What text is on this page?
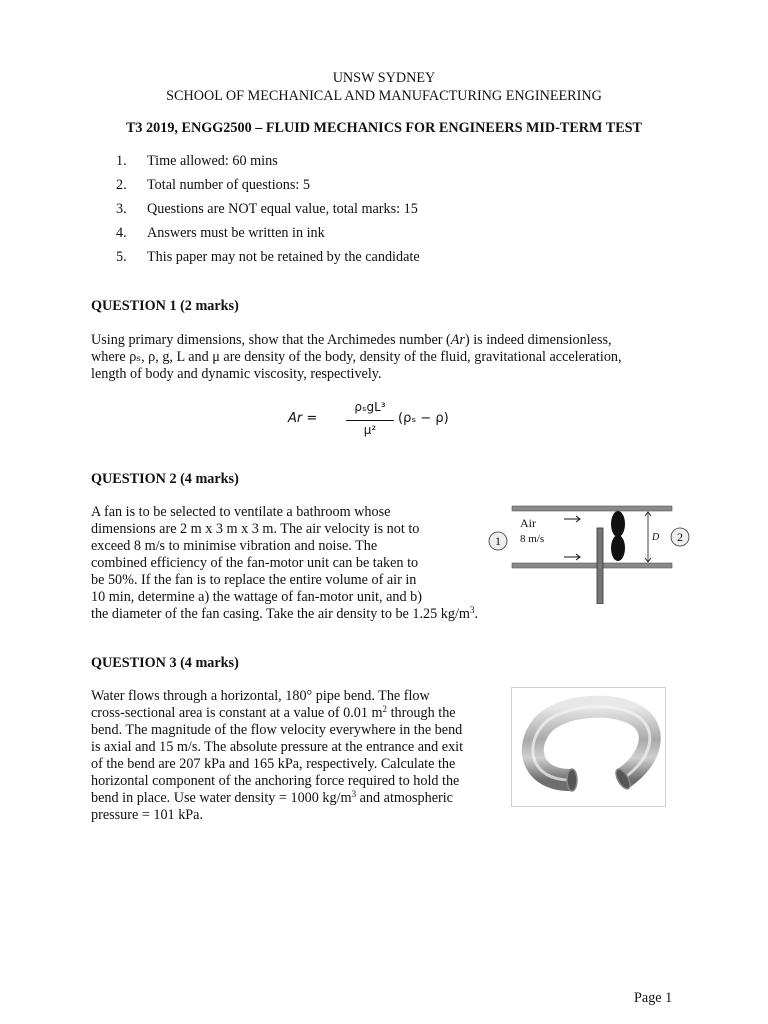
UNSW SYDNEY
SCHOOL OF MECHANICAL AND MANUFACTURING ENGINEERING
T3 2019, ENGG2500 – FLUID MECHANICS FOR ENGINEERS MID-TERM TEST
1. Time allowed: 60 mins
2. Total number of questions: 5
3. Questions are NOT equal value, total marks: 15
4. Answers must be written in ink
5. This paper may not be retained by the candidate
QUESTION 1 (2 marks)
Using primary dimensions, show that the Archimedes number (Ar) is indeed dimensionless,
where ρₛ, ρ, g, L and μ are density of the body, density of the fluid, gravitational acceleration,
length of body and dynamic viscosity, respectively.
Ar =
ρₛgL³
μ²
(ρₛ − ρ)
QUESTION 2 (4 marks)
A fan is to be selected to ventilate a bathroom whose
dimensions are 2 m x 3 m x 3 m. The air velocity is not to
exceed 8 m/s to minimise vibration and noise. The
combined efficiency of the fan-motor unit can be taken to
be 50%. If the fan is to replace the entire volume of air in
10 min, determine a) the wattage of fan-motor unit, and b)
the diameter of the fan casing. Take the air density to be 1.25 $kg/m^3$.
D
Air
8 m/s
1	2
QUESTION 3 (4 marks)
Water flows through a horizontal, 180° pipe bend. The flow
cross-sectional area is constant at a value of 0.01 $m^2$ through the
bend. The magnitude of the flow velocity everywhere in the bend
is axial and 15 m/s. The absolute pressure at the entrance and exit
of the bend are 207 kPa and 165 kPa, respectively. Calculate the
horizontal component of the anchoring force required to hold the
bend in place. Use water density = 1000 $kg/m^3$ and atmospheric
pressure = 101 kPa.
Page 1
